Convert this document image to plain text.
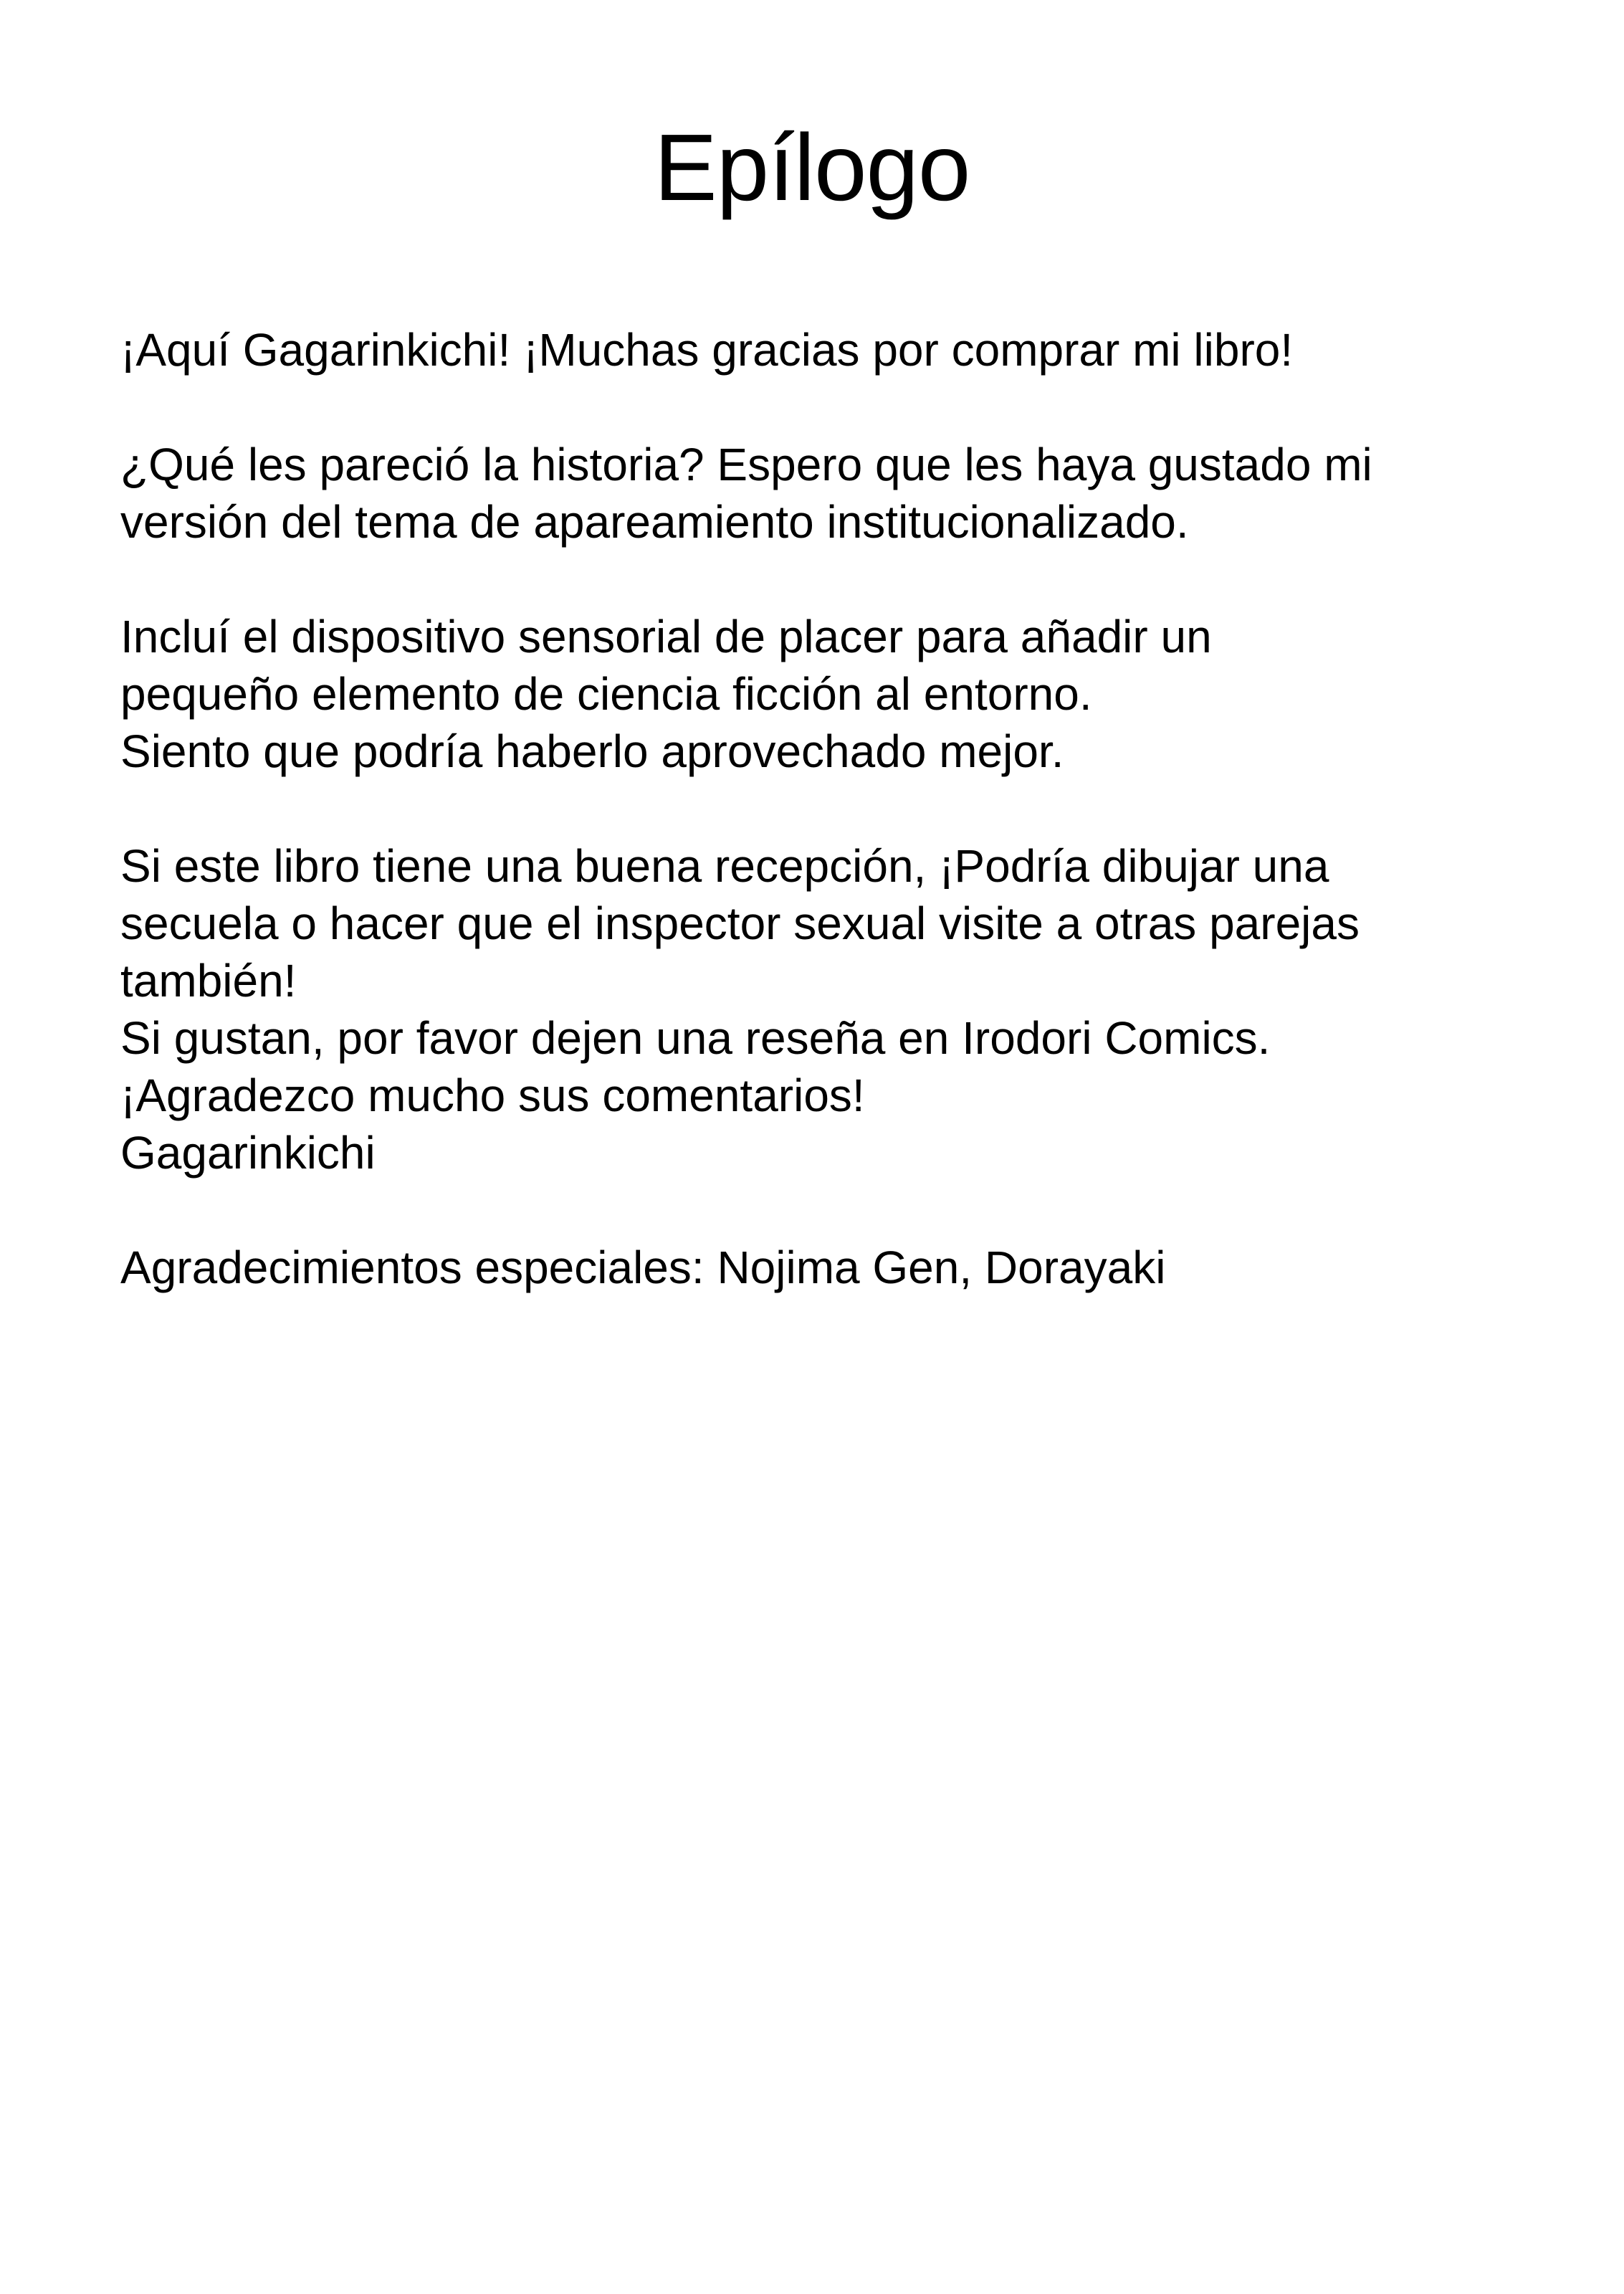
Epílogo
¡Aquí Gagarinkichi! ¡Muchas gracias por comprar mi libro!
¿Qué les pareció la historia? Espero que les haya gustado mi
versión del tema de apareamiento institucionalizado.
Incluí el dispositivo sensorial de placer para añadir un
pequeño elemento de ciencia ficción al entorno.
Siento que podría haberlo aprovechado mejor.
Si este libro tiene una buena recepción, ¡Podría dibujar una
secuela o hacer que el inspector sexual visite a otras parejas
también!
Si gustan, por favor dejen una reseña en Irodori Comics.
¡Agradezco mucho sus comentarios!
Gagarinkichi
Agradecimientos especiales: Nojima Gen, Dorayaki
